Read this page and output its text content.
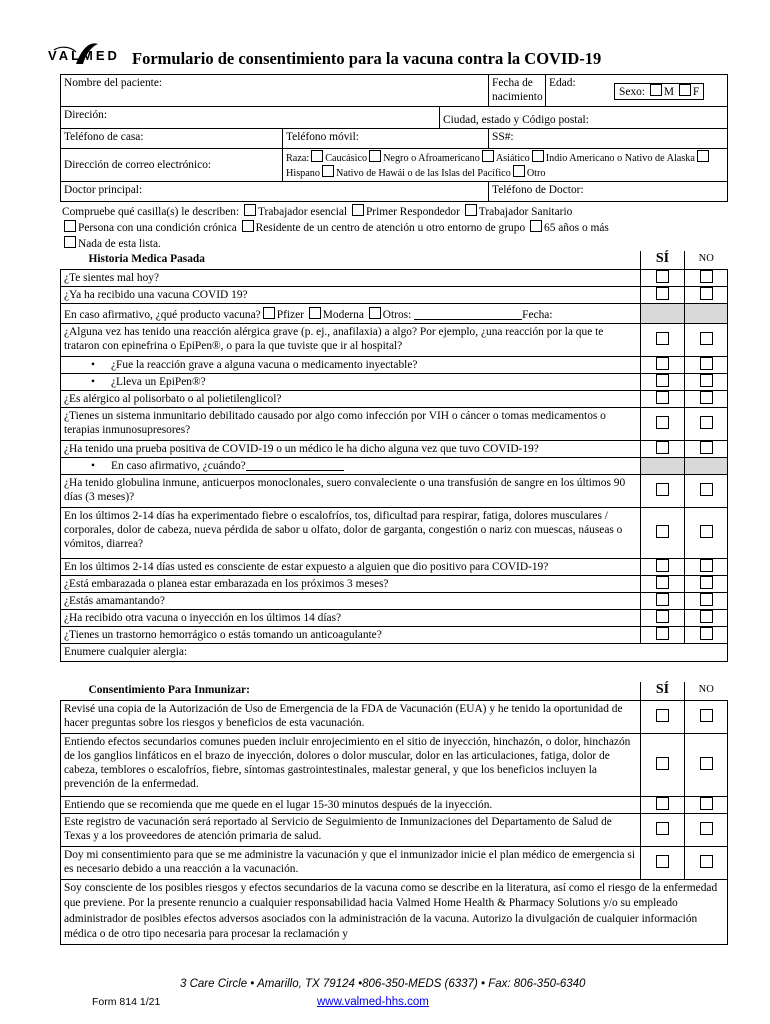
VALMED Formulario de consentimiento para la vacuna contra la COVID-19
Nombre del paciente:			Fecha de nacimiento	Edad:
Sexo: M F

Direción:		Ciudad, estado y Código postal:		
Teléfono de casa:	Teléfono móvil:		SS#:	
Dirección de correo electrónico:	Raza: Caucásico Negro o Afroamericano Asiático Indio Americano o Nativo de AlaskaHispano Nativo de Hawái o de las Islas del Pacífico Otro			
Doctor principal:			Teléfono de Doctor:	
Compruebe qué casilla(s) le describen: Trabajador esencial Primer Respondedor Trabajador Sanitario
Persona con una condición crónica Residente de un centro de atención u otro entorno de grupo 65 años o más
Nada de esta lista.
Historia Medica Pasada	SÍ	NO
¿Te sientes mal hoy?		
¿Ya ha recibido una vacuna COVID 19?		
En caso afirmativo, ¿qué producto vacuna? Pfizer Moderna Otros: Fecha:		
¿Alguna vez has tenido una reacción alérgica grave (p. ej., anafilaxia) a algo? Por ejemplo, ¿una reacción por la que te trataron con epinefrina o EpiPen®, o para la que tuviste que ir al hospital?		
• ¿Fue la reacción grave a alguna vacuna o medicamento inyectable?		
• ¿Lleva un EpiPen®?		
¿Es alérgico al polisorbato o al polietilenglicol?		
¿Tienes un sistema inmunitario debilitado causado por algo como infección por VIH o cáncer o tomas medicamentos o terapias inmunosupresores?		
¿Ha tenido una prueba positiva de COVID-19 o un médico le ha dicho alguna vez que tuvo COVID-19?		
• En caso afirmativo, ¿cuándo?		
¿Ha tenido globulina inmune, anticuerpos monoclonales, suero convaleciente o una transfusión de sangre en los últimos 90 días (3 meses)?		
En los últimos 2-14 días ha experimentado fiebre o escalofríos, tos, dificultad para respirar, fatiga, dolores musculares / corporales, dolor de cabeza, nueva pérdida de sabor u olfato, dolor de garganta, congestión o nariz con muescas, náuseas o vómitos, diarrea?		
En los últimos 2-14 días usted es consciente de estar expuesto a alguien que dio positivo para COVID-19?		
¿Está embarazada o planea estar embarazada en los próximos 3 meses?		
¿Estás amamantando?		
¿Ha recibido otra vacuna o inyección en los últimos 14 días?		
¿Tienes un trastorno hemorrágico o estás tomando un anticoagulante?		
Enumere cualquier alergia:		
Consentimiento Para Inmunizar:	SÍ	NO
Revisé una copia de la Autorización de Uso de Emergencia de la FDA de Vacunación (EUA) y he tenido la oportunidad de hacer preguntas sobre los riesgos y beneficios de esta vacunación.		
Entiendo efectos secundarios comunes pueden incluir enrojecimiento en el sitio de inyección, hinchazón, o dolor, hinchazón de los ganglios linfáticos en el brazo de inyección, dolores o dolor muscular, dolor en las articulaciones, fatiga, dolor de cabeza, temblores o escalofríos, fiebre, síntomas gastrointestinales, malestar general, y que los beneficios incluyen la prevención de la enfermedad.		
Entiendo que se recomienda que me quede en el lugar 15-30 minutos después de la inyección.		
Este registro de vacunación será reportado al Servicio de Seguimiento de Inmunizaciones del Departamento de Salud de Texas y a los proveedores de atención primaria de salud.		
Doy mi consentimiento para que se me administre la vacunación y que el inmunizador inicie el plan médico de emergencia si es necesario debido a una reacción a la vacunación.		
Soy consciente de los posibles riesgos y efectos secundarios de la vacuna como se describe en la literatura, así como el riesgo de la enfermedad que previene. Por la presente renuncio a cualquier responsabilidad hacia Valmed Home Health & Pharmacy Solutions y/o su empleado administrador de posibles efectos adversos asociados con la administración de la vacuna. Autorizo la divulgación de cualquier información médica o de otro tipo necesaria para procesar la reclamación y		
3 Care Circle • Amarillo, TX 79124 •806-350-MEDS (6337) • Fax: 806-350-6340
Form 814 1/21	www.valmed-hhs.com
